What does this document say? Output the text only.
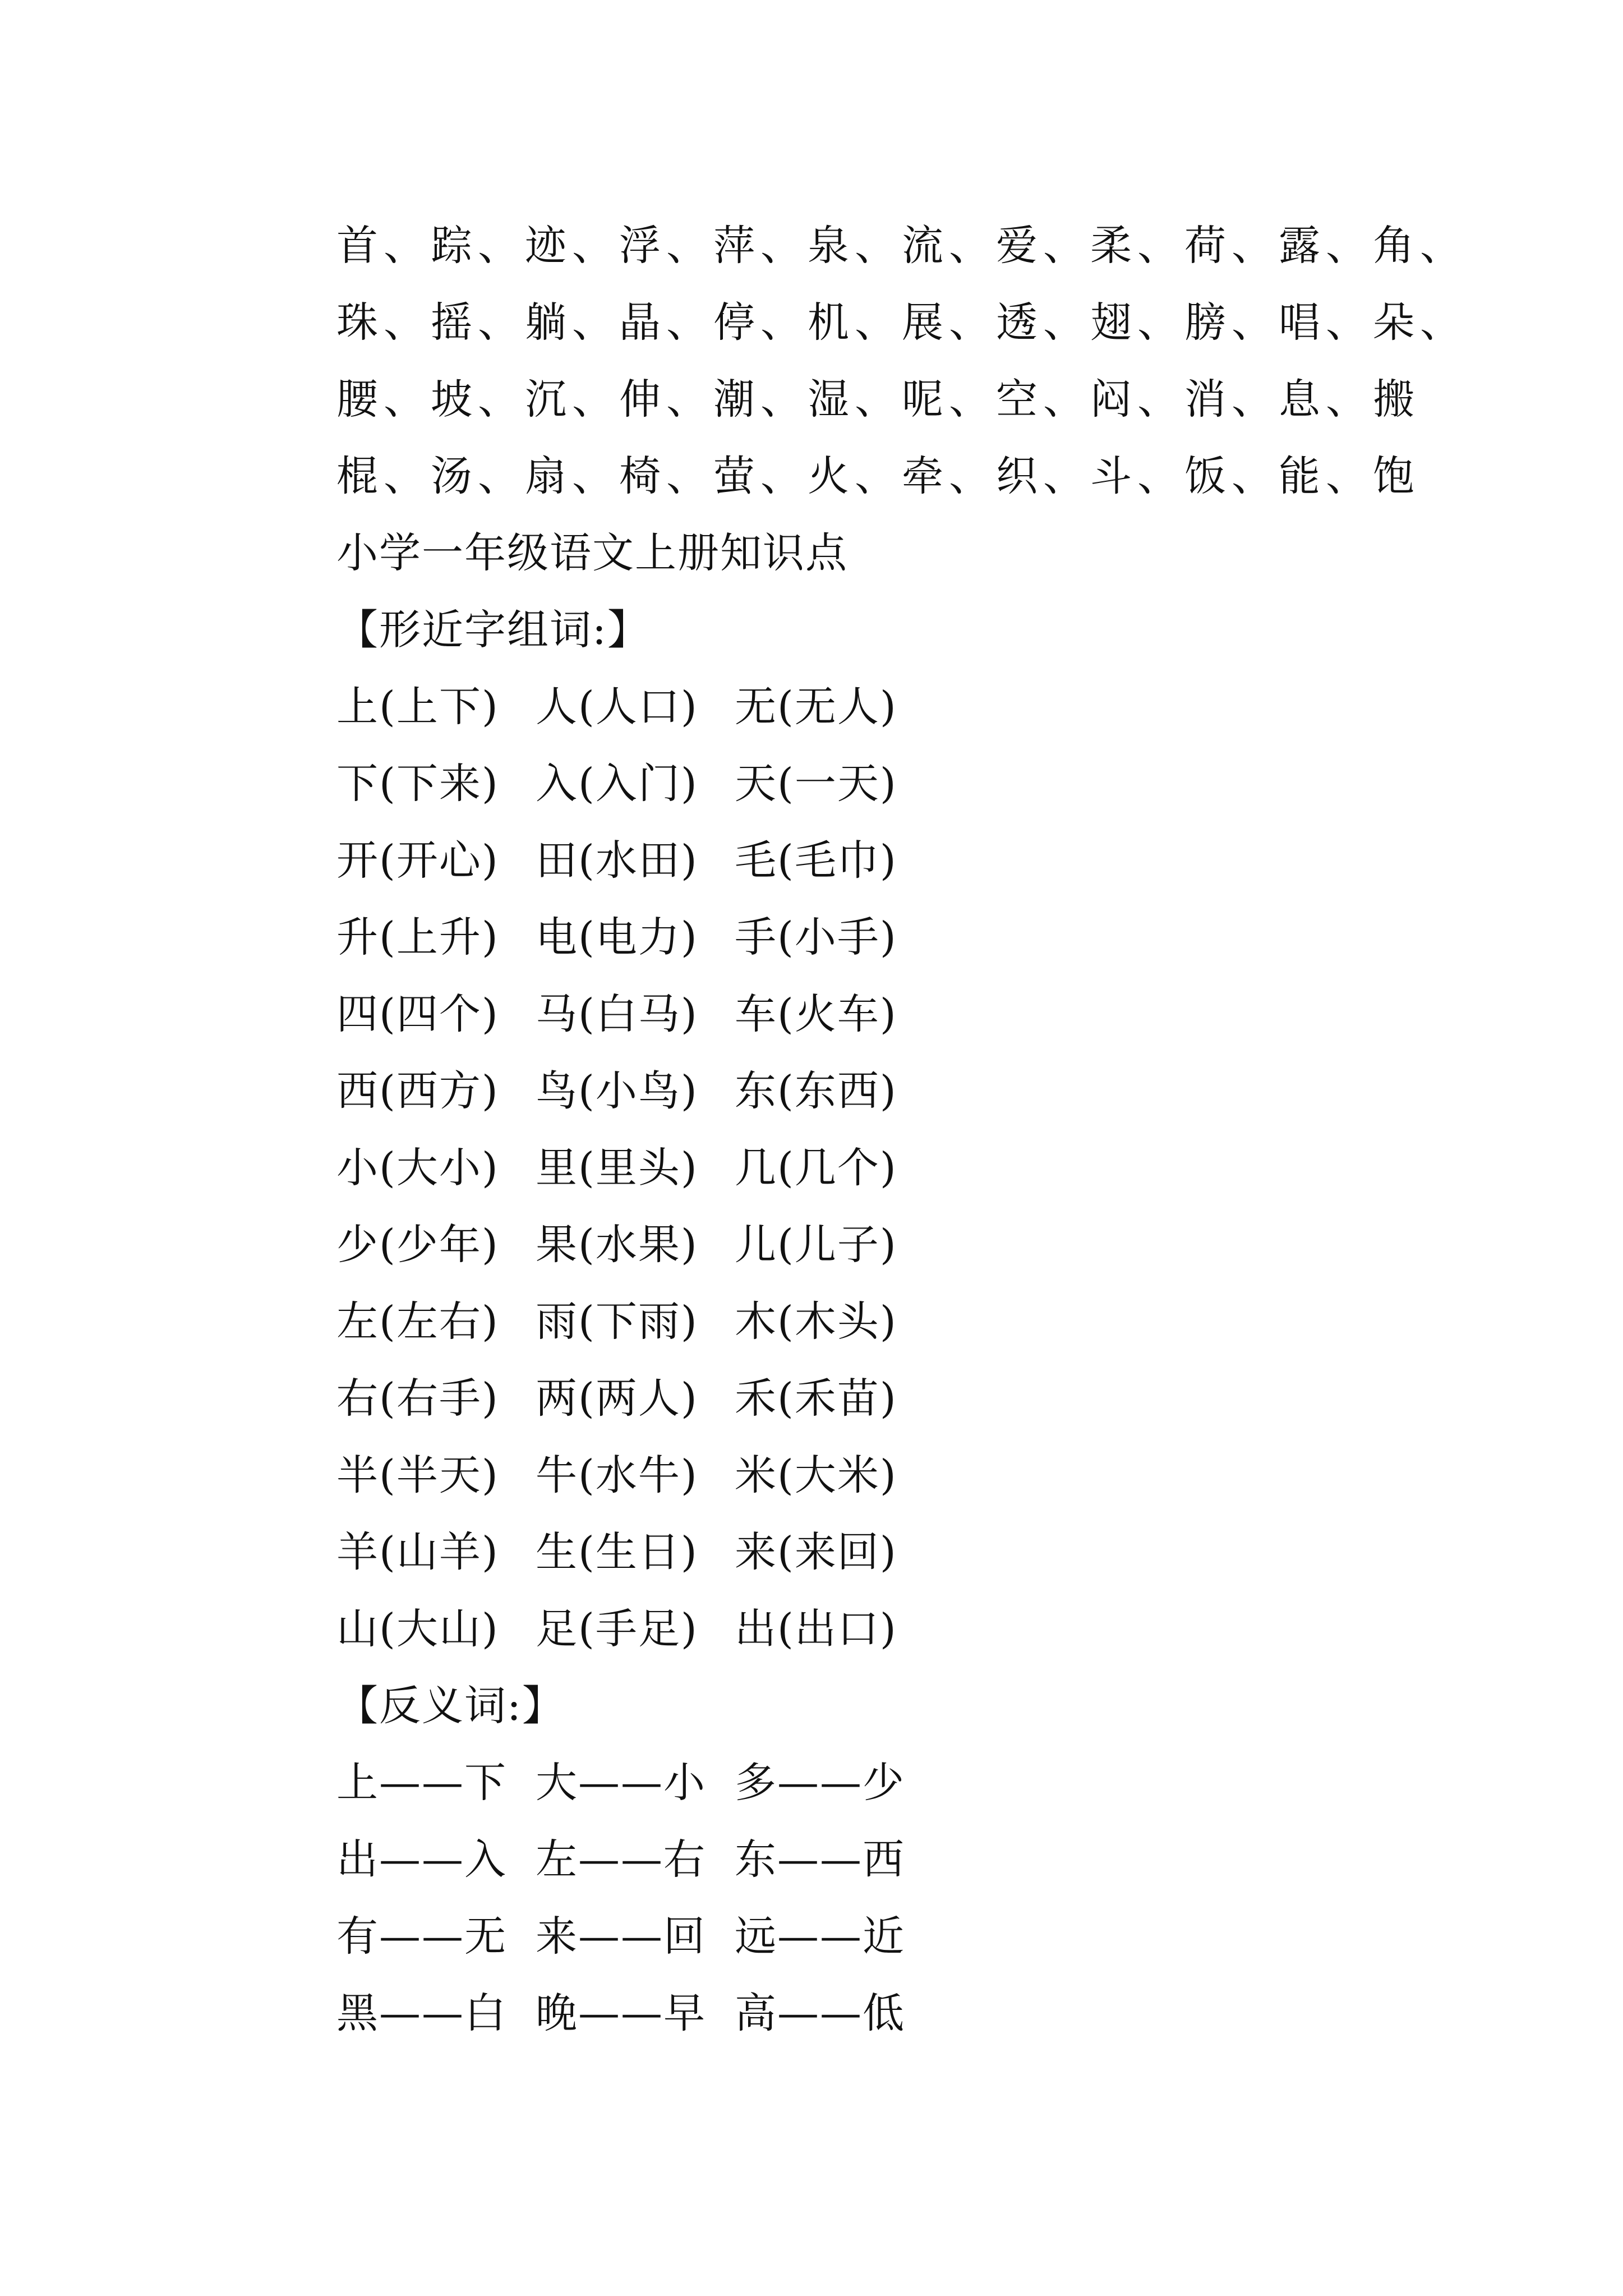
首、踪、迹、浮、萍、泉、流、爱、柔、荷、露、角、
珠、摇、躺、晶、停、机、展、透、翅、膀、唱、朵、
腰、坡、沉、伸、潮、湿、呢、空、闷、消、息、搬
棍、汤、扇、椅、萤、火、牵、织、斗、饭、能、饱
小学一年级语文上册知识点
【形近字组词:】
上(上下) 人(人口) 无(无人)
下(下来) 入(入门) 天(一天)
开(开心) 田(水田) 毛(毛巾)
升(上升) 电(电力) 手(小手)
四(四个) 马(白马) 车(火车)
西(西方) 鸟(小鸟) 东(东西)
小(大小) 里(里头) 几(几个)
少(少年) 果(水果) 儿(儿子)
左(左右) 雨(下雨) 木(木头)
右(右手) 两(两人) 禾(禾苗)
半(半天) 牛(水牛) 米(大米)
羊(山羊) 生(生日) 来(来回)
山(大山) 足(手足) 出(出口)
【反义词:】
上——下 大——小 多——少
出——入 左——右 东——西
有——无 来——回 远——近
黑——白 晚——早 高——低
